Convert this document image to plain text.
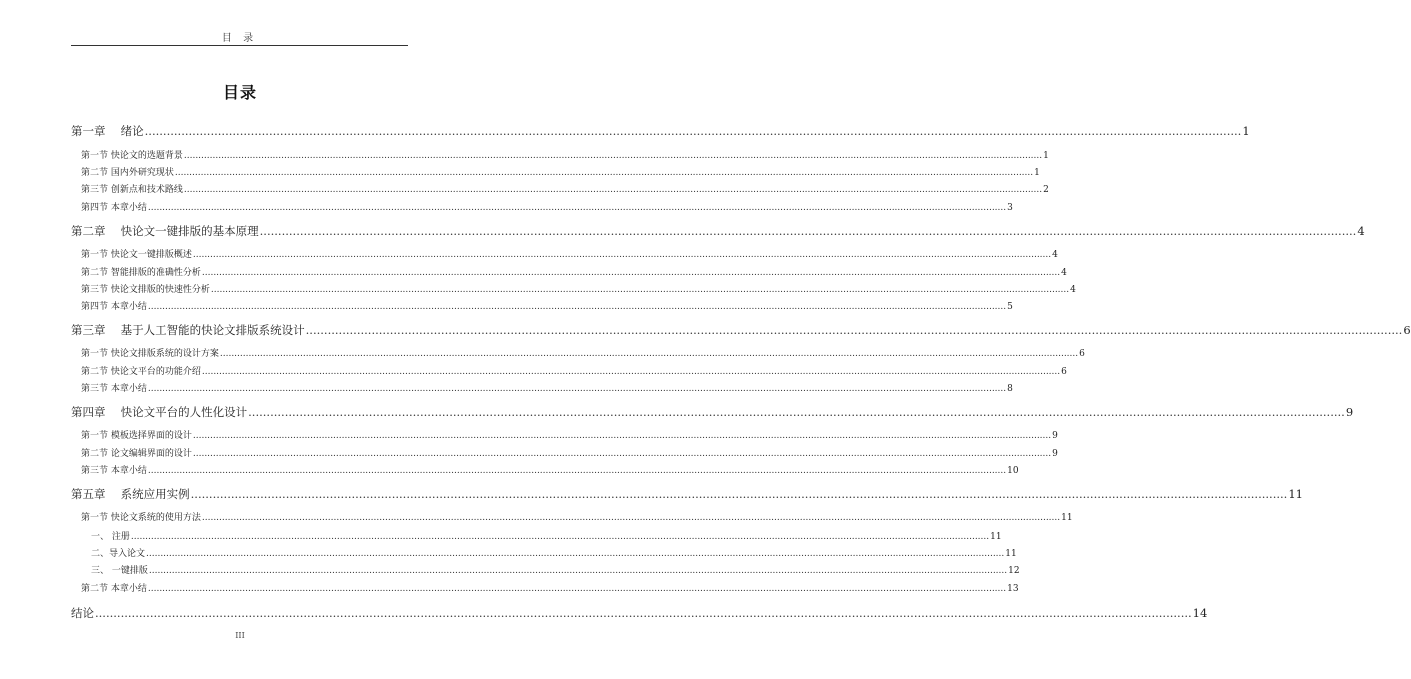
目 录
目录
第一章　 绪论 ............................................................................................................................................................................................................................................................................................................ 1
第一节 快论文的选题背景 ............................................................................................................................................................................................................................................................................................................ 1
第二节 国内外研究现状 ............................................................................................................................................................................................................................................................................................................ 1
第三节 创新点和技术路线 ............................................................................................................................................................................................................................................................................................................ 2
第四节 本章小结 ............................................................................................................................................................................................................................................................................................................ 3
第二章　 快论文一键排版的基本原理 ............................................................................................................................................................................................................................................................................................................ 4
第一节 快论文一键排版概述 ............................................................................................................................................................................................................................................................................................................ 4
第二节 智能排版的准确性分析 ............................................................................................................................................................................................................................................................................................................ 4
第三节 快论文排版的快速性分析 ............................................................................................................................................................................................................................................................................................................ 4
第四节 本章小结 ............................................................................................................................................................................................................................................................................................................ 5
第三章　 基于人工智能的快论文排版系统设计 ............................................................................................................................................................................................................................................................................................................ 6
第一节 快论文排版系统的设计方案 ............................................................................................................................................................................................................................................................................................................ 6
第二节 快论文平台的功能介绍 ............................................................................................................................................................................................................................................................................................................ 6
第三节 本章小结 ............................................................................................................................................................................................................................................................................................................ 8
第四章　 快论文平台的人性化设计 ............................................................................................................................................................................................................................................................................................................ 9
第一节 模板选择界面的设计 ............................................................................................................................................................................................................................................................................................................ 9
第二节 论文编辑界面的设计 ............................................................................................................................................................................................................................................................................................................ 9
第三节 本章小结 ............................................................................................................................................................................................................................................................................................................ 10
第五章　 系统应用实例 ............................................................................................................................................................................................................................................................................................................ 11
第一节 快论文系统的使用方法 ............................................................................................................................................................................................................................................................................................................ 11
一、 注册 ............................................................................................................................................................................................................................................................................................................ 11
二、导入论文 ............................................................................................................................................................................................................................................................................................................ 11
三、 一键排版 ............................................................................................................................................................................................................................................................................................................ 12
第二节 本章小结 ............................................................................................................................................................................................................................................................................................................ 13
结论 ............................................................................................................................................................................................................................................................................................................ 14
III
